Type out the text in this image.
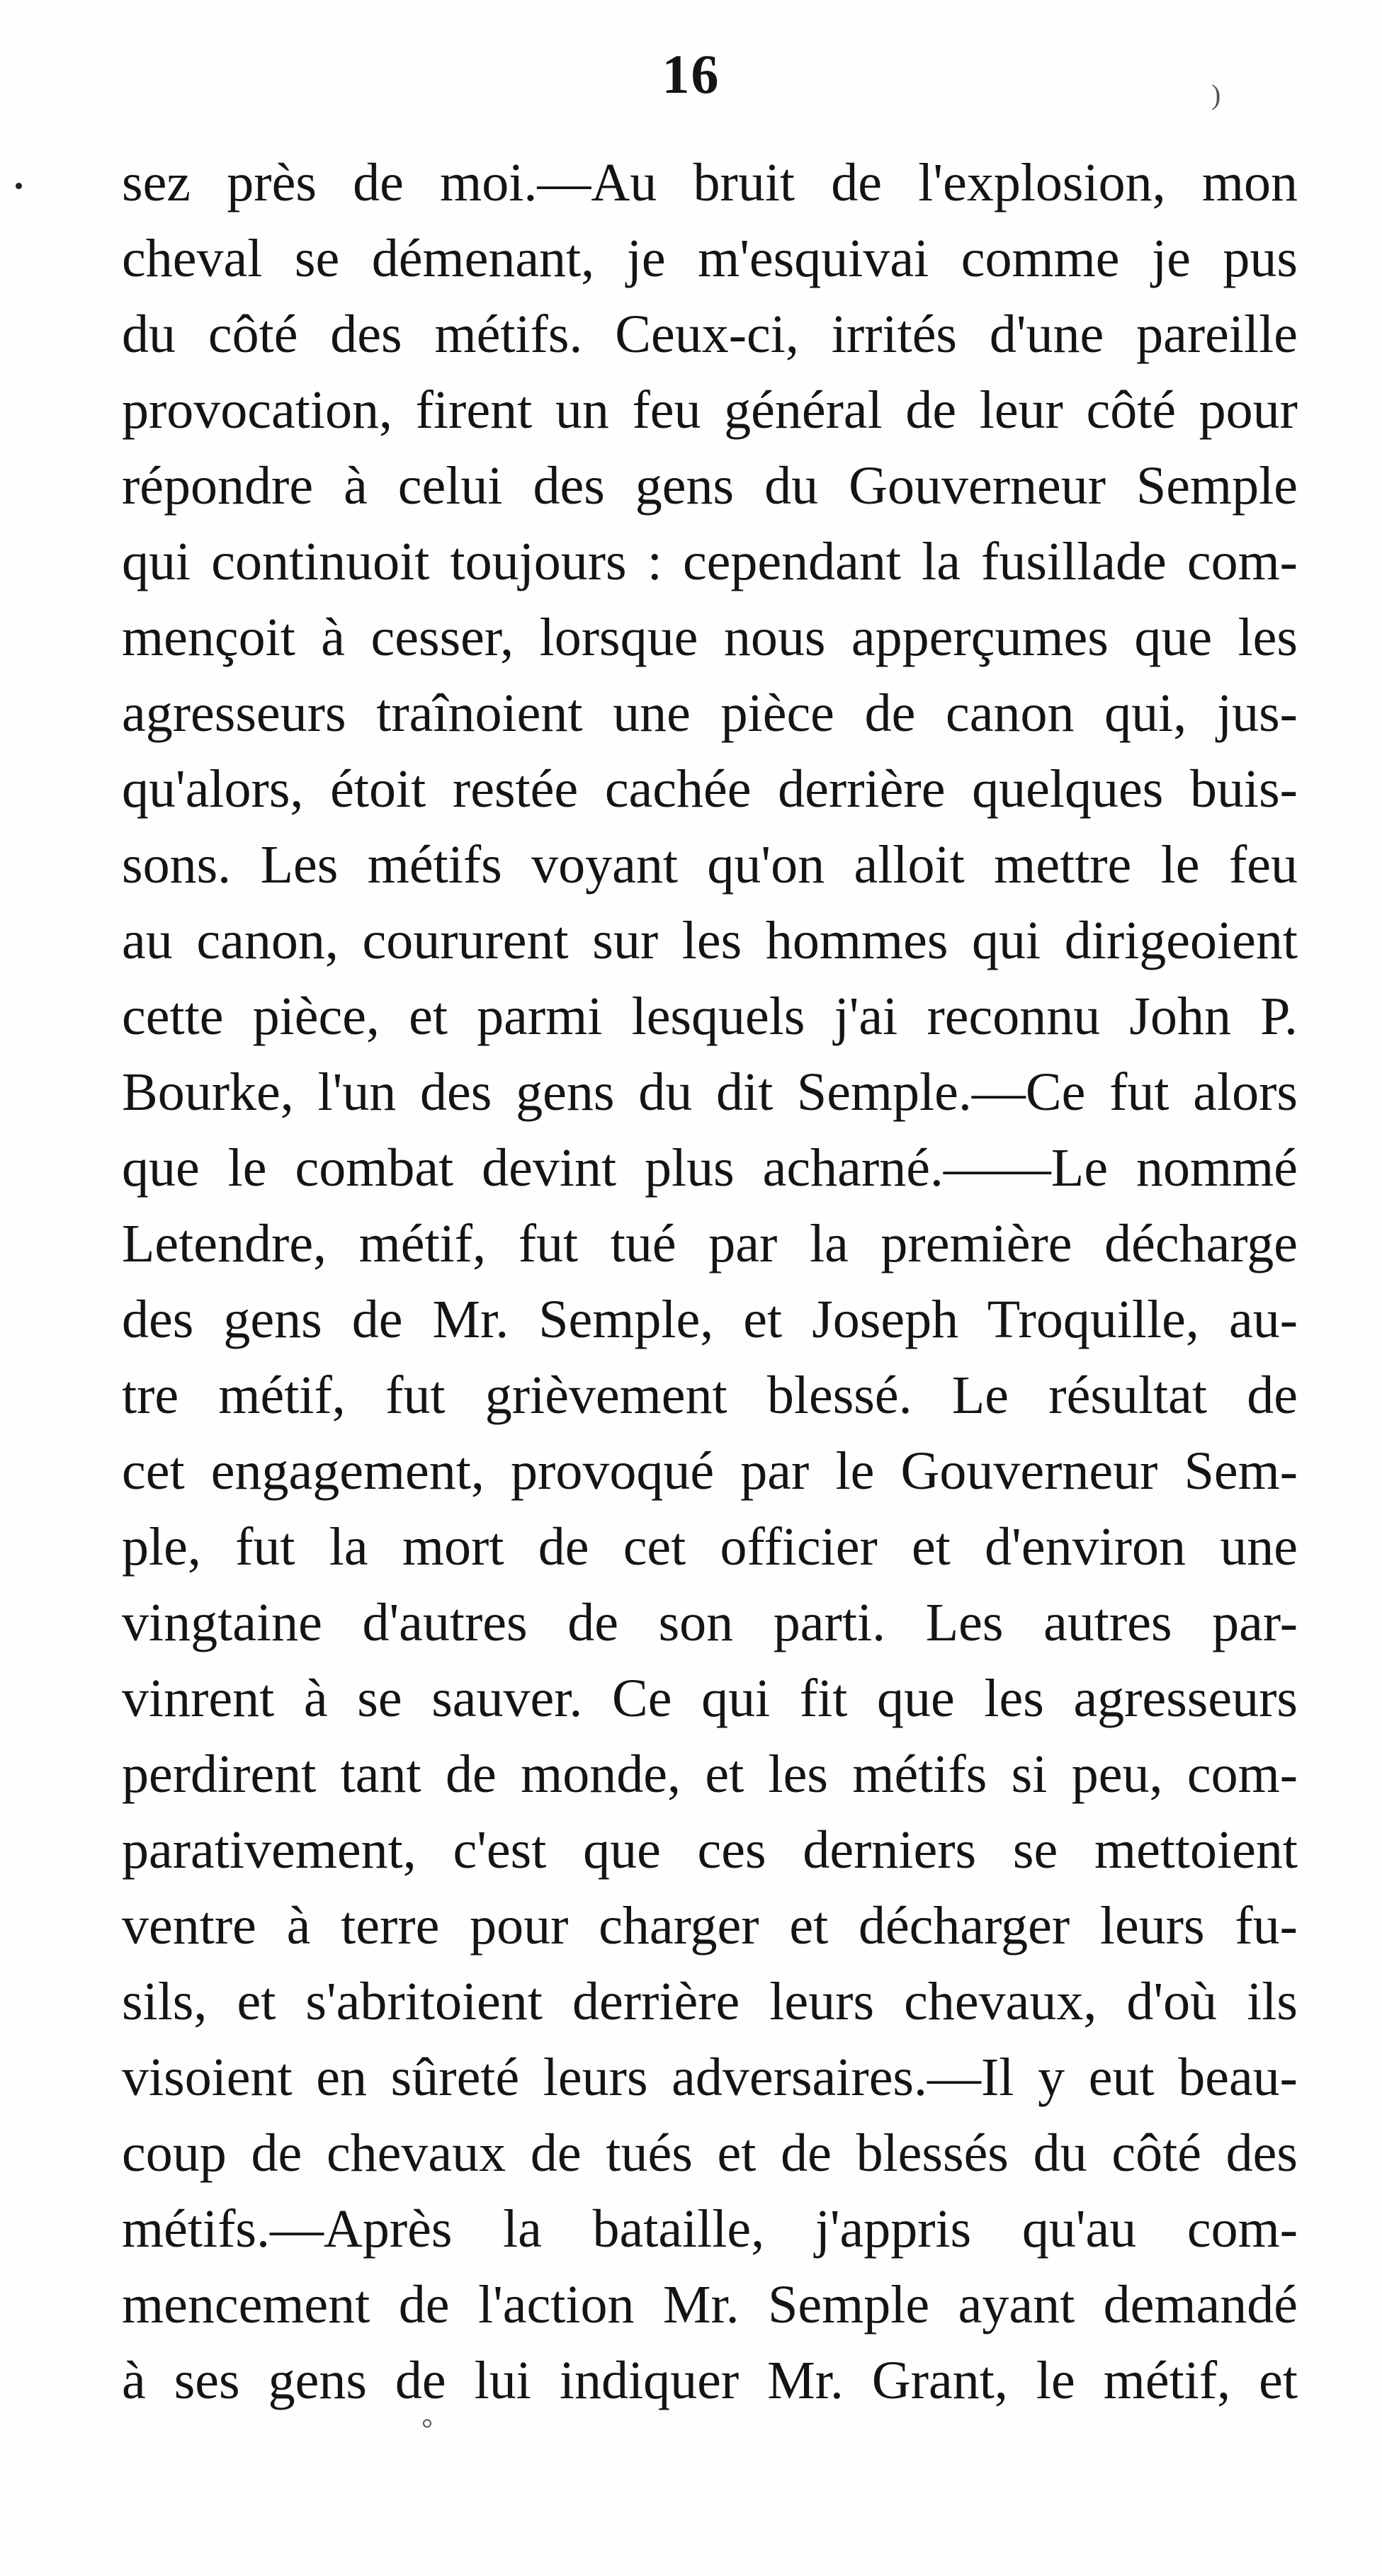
)
°
16
sez près de moi.—Au bruit de l'explosion, mon
cheval se démenant, je m'esquivai comme je pus
du côté des métifs. Ceux-ci, irrités d'une pareille
provocation, firent un feu général de leur côté pour
répondre à celui des gens du Gouverneur Semple
qui continuoit toujours : cependant la fusillade com-
mençoit à cesser, lorsque nous apperçumes que les
agresseurs traînoient une pièce de canon qui, jus-
qu'alors, étoit restée cachée derrière quelques buis-
sons. Les métifs voyant qu'on alloit mettre le feu
au canon, coururent sur les hommes qui dirigeoient
cette pièce, et parmi lesquels j'ai reconnu John P.
Bourke, l'un des gens du dit Semple.—Ce fut alors
que le combat devint plus acharné.——Le nommé
Letendre, métif, fut tué par la première décharge
des gens de Mr. Semple, et Joseph Troquille, au-
tre métif, fut grièvement blessé. Le résultat de
cet engagement, provoqué par le Gouverneur Sem-
ple, fut la mort de cet officier et d'environ une
vingtaine d'autres de son parti. Les autres par-
vinrent à se sauver. Ce qui fit que les agresseurs
perdirent tant de monde, et les métifs si peu, com-
parativement, c'est que ces derniers se mettoient
ventre à terre pour charger et décharger leurs fu-
sils, et s'abritoient derrière leurs chevaux, d'où ils
visoient en sûreté leurs adversaires.—Il y eut beau-
coup de chevaux de tués et de blessés du côté des
métifs.—Après la bataille, j'appris qu'au com-
mencement de l'action Mr. Semple ayant demandé
à ses gens de lui indiquer Mr. Grant, le métif, et
